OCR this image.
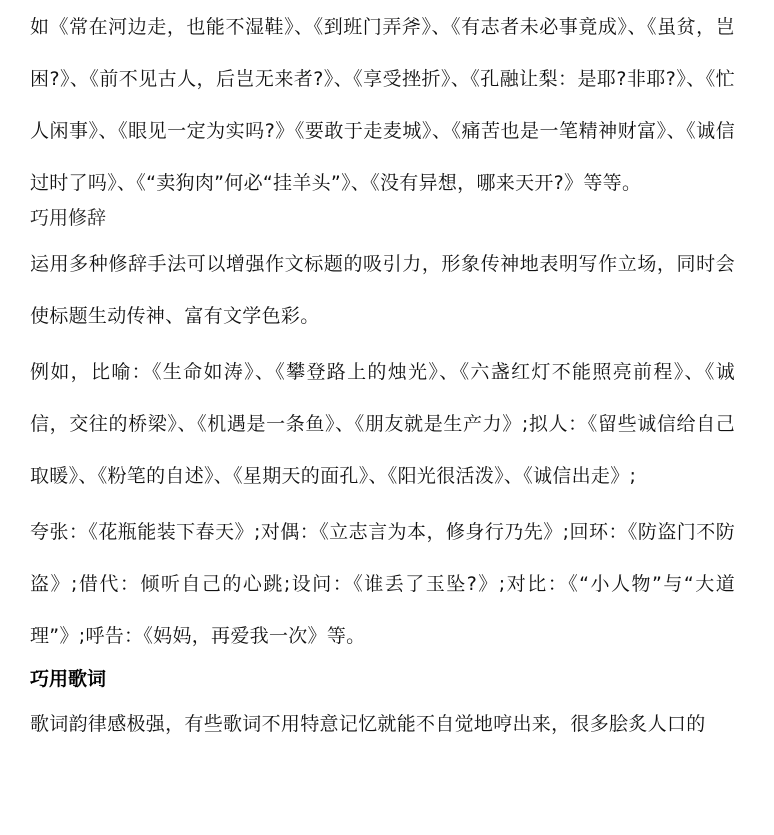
如《常在河边走，也能不湿鞋》、《到班门弄斧》、《有志者未必事竟成》、《虽贫，岂困?》、《前不见古人，后岂无来者?》、《享受挫折》、《孔融让梨：是耶?非耶?》、《忙人闲事》、《眼见一定为实吗?》《要敢于走麦城》、《痛苦也是一笔精神财富》、《诚信过时了吗》、《“卖狗肉”何必“挂羊头”》、《没有异想，哪来天开?》等等。

巧用修辞

运用多种修辞手法可以增强作文标题的吸引力，形象传神地表明写作立场，同时会使标题生动传神、富有文学色彩。

例如，比喻：《生命如涛》、《攀登路上的烛光》、《六盏红灯不能照亮前程》、《诚信，交往的桥梁》、《机遇是一条鱼》、《朋友就是生产力》;拟人：《留些诚信给自己取暖》、《粉笔的自述》、《星期天的面孔》、《阳光很活泼》、《诚信出走》;

夸张：《花瓶能装下春天》;对偶：《立志言为本，修身行乃先》;回环：《防盗门不防盗》;借代：倾听自己的心跳;设问：《谁丢了玉坠?》;对比：《“小人物”与“大道理”》;呼告：《妈妈，再爱我一次》等。

巧用歌词

歌词韵律感极强，有些歌词不用特意记忆就能不自觉地哼出来，很多脍炙人口的
